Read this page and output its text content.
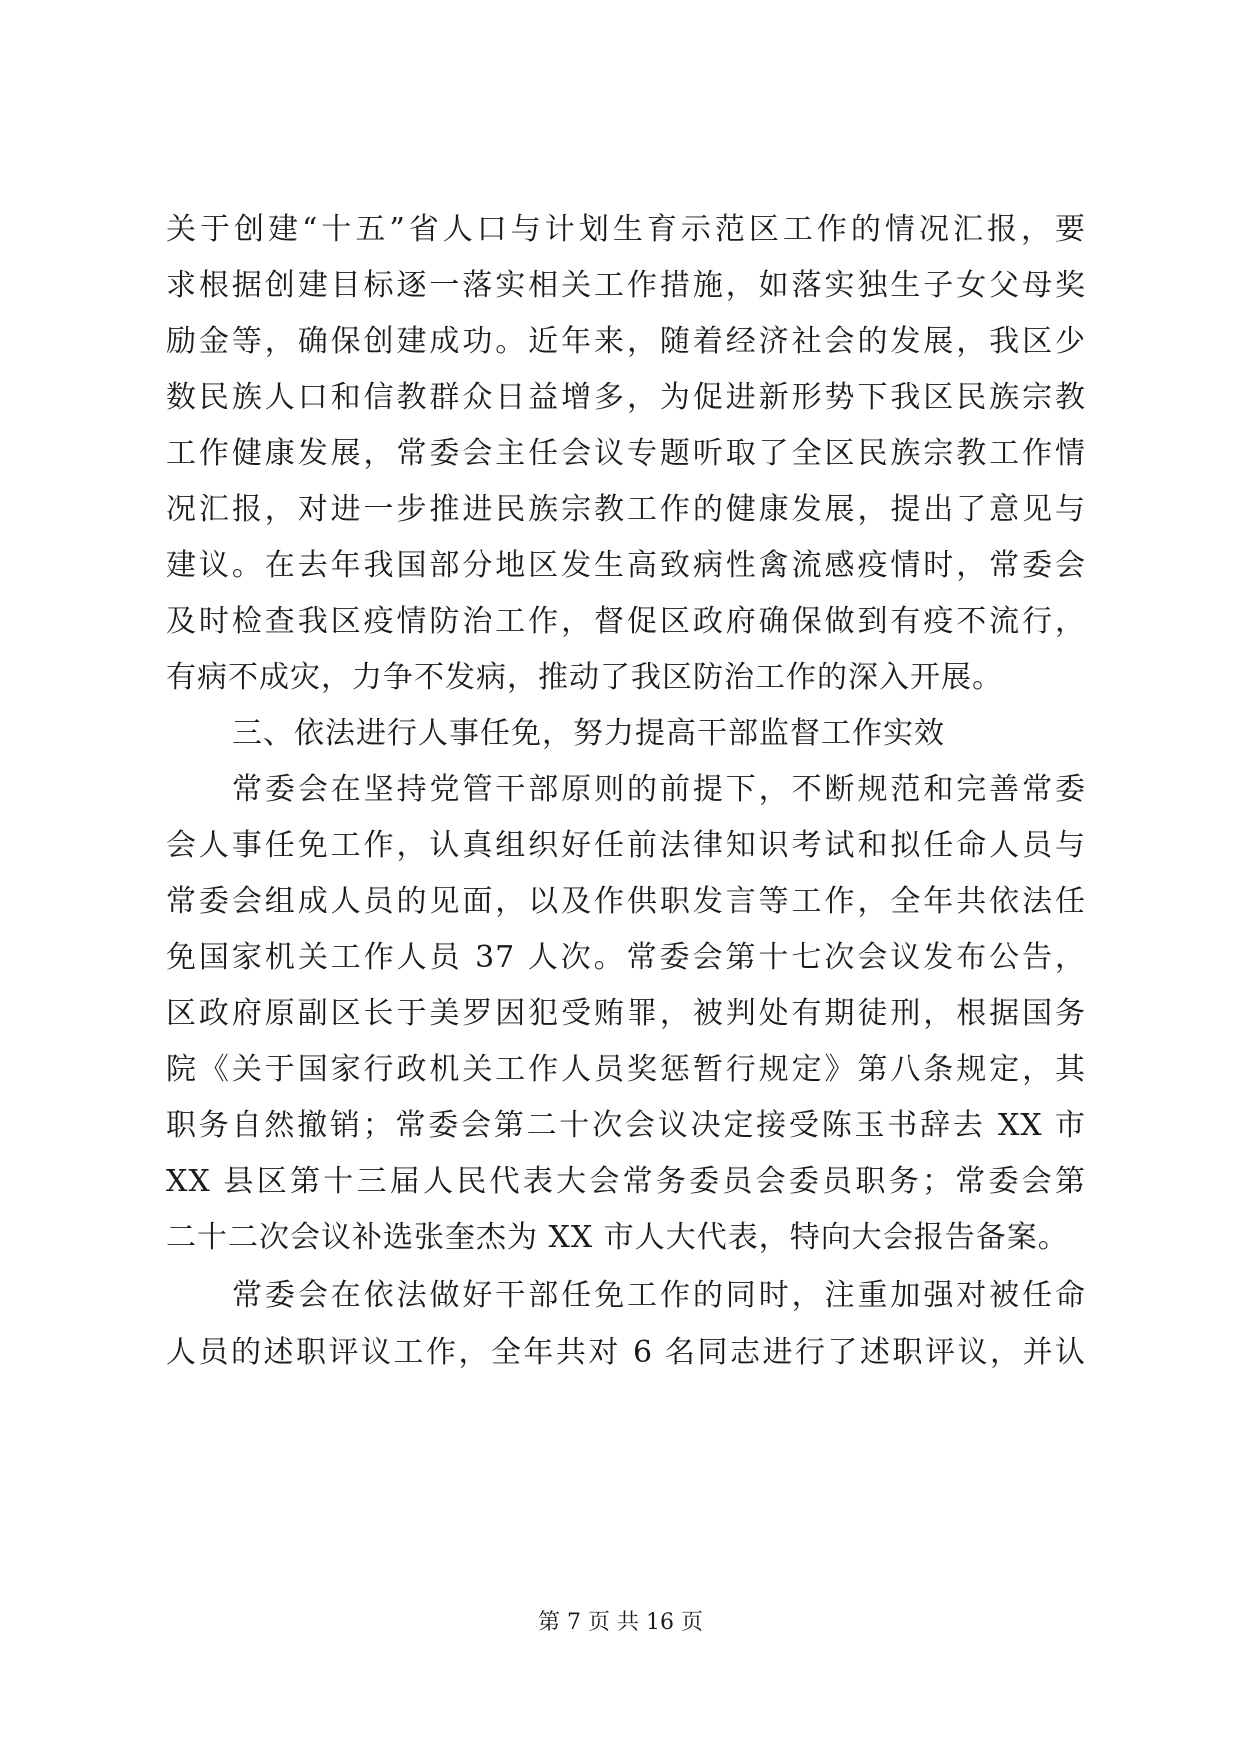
关于创建“十五”省人口与计划生育示范区工作的情况汇报，要
求根据创建目标逐一落实相关工作措施，如落实独生子女父母奖
励金等，确保创建成功。近年来，随着经济社会的发展，我区少
数民族人口和信教群众日益增多，为促进新形势下我区民族宗教
工作健康发展，常委会主任会议专题听取了全区民族宗教工作情
况汇报，对进一步推进民族宗教工作的健康发展，提出了意见与
建议。在去年我国部分地区发生高致病性禽流感疫情时，常委会
及时检查我区疫情防治工作，督促区政府确保做到有疫不流行，
有病不成灾，力争不发病，推动了我区防治工作的深入开展。
三、依法进行人事任免，努力提高干部监督工作实效
常委会在坚持党管干部原则的前提下，不断规范和完善常委
会人事任免工作，认真组织好任前法律知识考试和拟任命人员与
常委会组成人员的见面，以及作供职发言等工作，全年共依法任
免国家机关工作人员 37 人次。常委会第十七次会议发布公告，
区政府原副区长于美罗因犯受贿罪，被判处有期徒刑，根据国务
院《关于国家行政机关工作人员奖惩暂行规定》第八条规定，其
职务自然撤销；常委会第二十次会议决定接受陈玉书辞去 XX 市
XX 县区第十三届人民代表大会常务委员会委员职务；常委会第
二十二次会议补选张奎杰为 XX 市人大代表，特向大会报告备案。
常委会在依法做好干部任免工作的同时，注重加强对被任命
人员的述职评议工作，全年共对 6 名同志进行了述职评议，并认
第 7 页 共 16 页
